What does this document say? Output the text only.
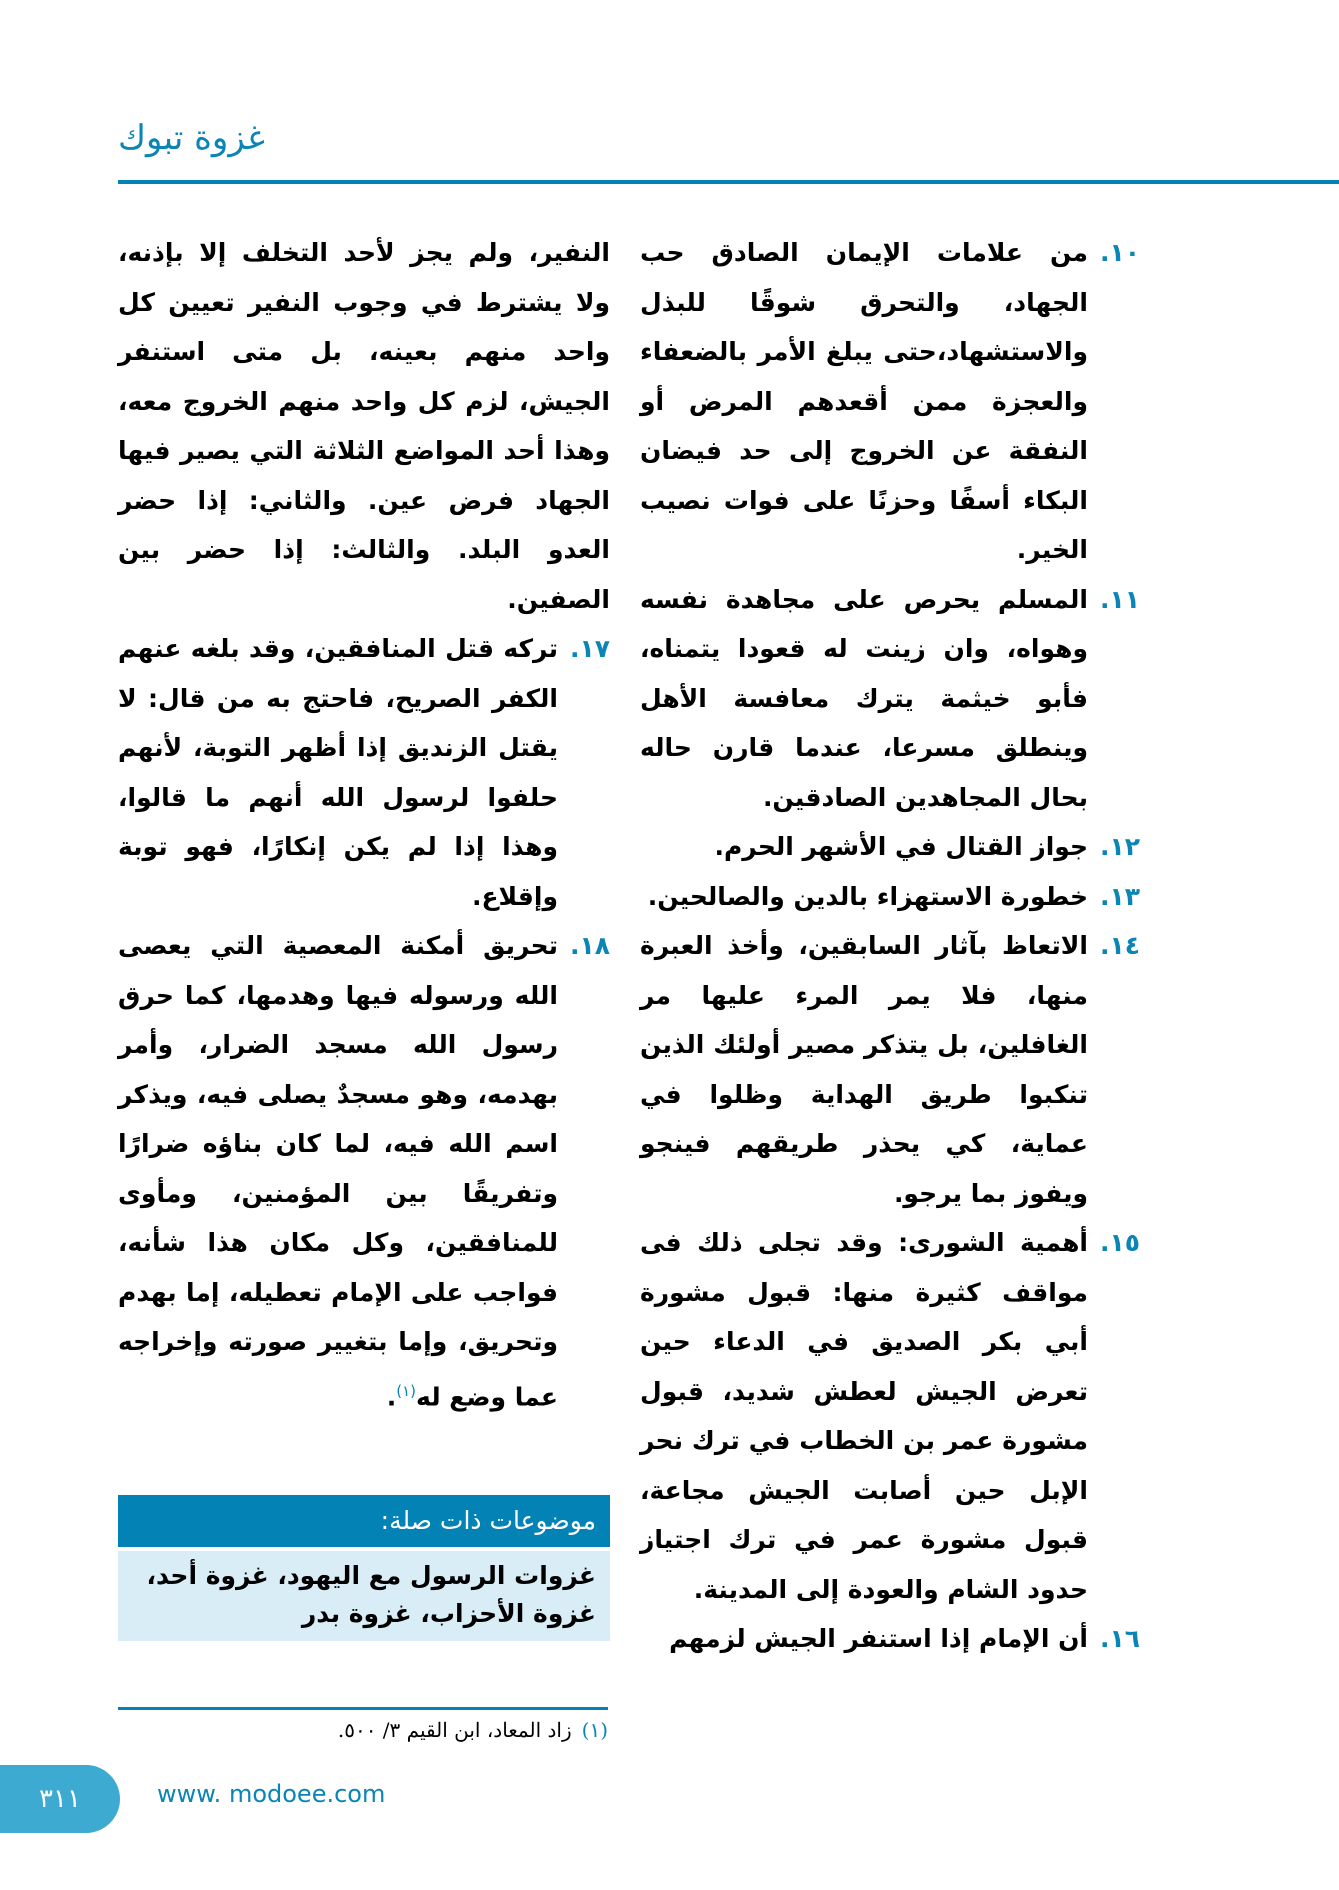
غزوة تبوك
١٠.
من علامات الإيمان الصادق حب الجهاد، والتحرق شوقًا للبذل والاستشهاد،حتى يبلغ الأمر بالضعفاء والعجزة ممن أقعدهم المرض أو النفقة عن الخروج إلى حد فيضان البكاء أسفًا وحزنًا على فوات نصيب الخير.
١١.
المسلم يحرص على مجاهدة نفسه وهواه، وان زينت له قعودا يتمناه، فأبو خيثمة يترك معافسة الأهل وينطلق مسرعا، عندما قارن حاله بحال المجاهدين الصادقين.
١٢.
جواز القتال في الأشهر الحرم.
١٣.
خطورة الاستهزاء بالدين والصالحين.
١٤.
الاتعاظ بآثار السابقين، وأخذ العبرة منها، فلا يمر المرء عليها مر الغافلين، بل يتذكر مصير أولئك الذين تنكبوا طريق الهداية وظلوا في عماية، كي يحذر طريقهم فينجو ويفوز بما يرجو.
١٥.
أهمية الشورى: وقد تجلى ذلك فى مواقف كثيرة منها: قبول مشورة أبي بكر الصديق في الدعاء حين تعرض الجيش لعطش شديد، قبول مشورة عمر بن الخطاب في ترك نحر الإبل حين أصابت الجيش مجاعة، قبول مشورة عمر في ترك اجتياز حدود الشام والعودة إلى المدينة.
١٦.
أن الإمام إذا استنفر الجيش لزمهم
النفير، ولم يجز لأحد التخلف إلا بإذنه، ولا يشترط في وجوب النفير تعيين كل واحد منهم بعينه، بل متى استنفر الجيش، لزم كل واحد منهم الخروج معه، وهذا أحد المواضع الثلاثة التي يصير فيها الجهاد فرض عين. والثاني: إذا حضر العدو البلد. والثالث: إذا حضر بين الصفين.
١٧.
تركه قتل المنافقين، وقد بلغه عنهم الكفر الصريح، فاحتج به من قال: لا يقتل الزنديق إذا أظهر التوبة، لأنهم حلفوا لرسول الله أنهم ما قالوا، وهذا إذا لم يكن إنكارًا، فهو توبة وإقلاع.
١٨.
تحريق أمكنة المعصية التي يعصى الله ورسوله فيها وهدمها، كما حرق رسول الله مسجد الضرار، وأمر بهدمه، وهو مسجدٌ يصلى فيه، ويذكر اسم الله فيه، لما كان بناؤه ضرارًا وتفريقًا بين المؤمنين، ومأوى للمنافقين، وكل مكان هذا شأنه، فواجب على الإمام تعطيله، إما بهدم وتحريق، وإما بتغيير صورته وإخراجه عما وضع له$^{(١)}$.
موضوعات ذات صلة:
غزوات الرسول مع اليهود، غزوة أحد، غزوة الأحزاب، غزوة بدر
(١)زاد المعاد، ابن القيم ٣/ ٥٠٠.
٣١١	www. modoee.com
